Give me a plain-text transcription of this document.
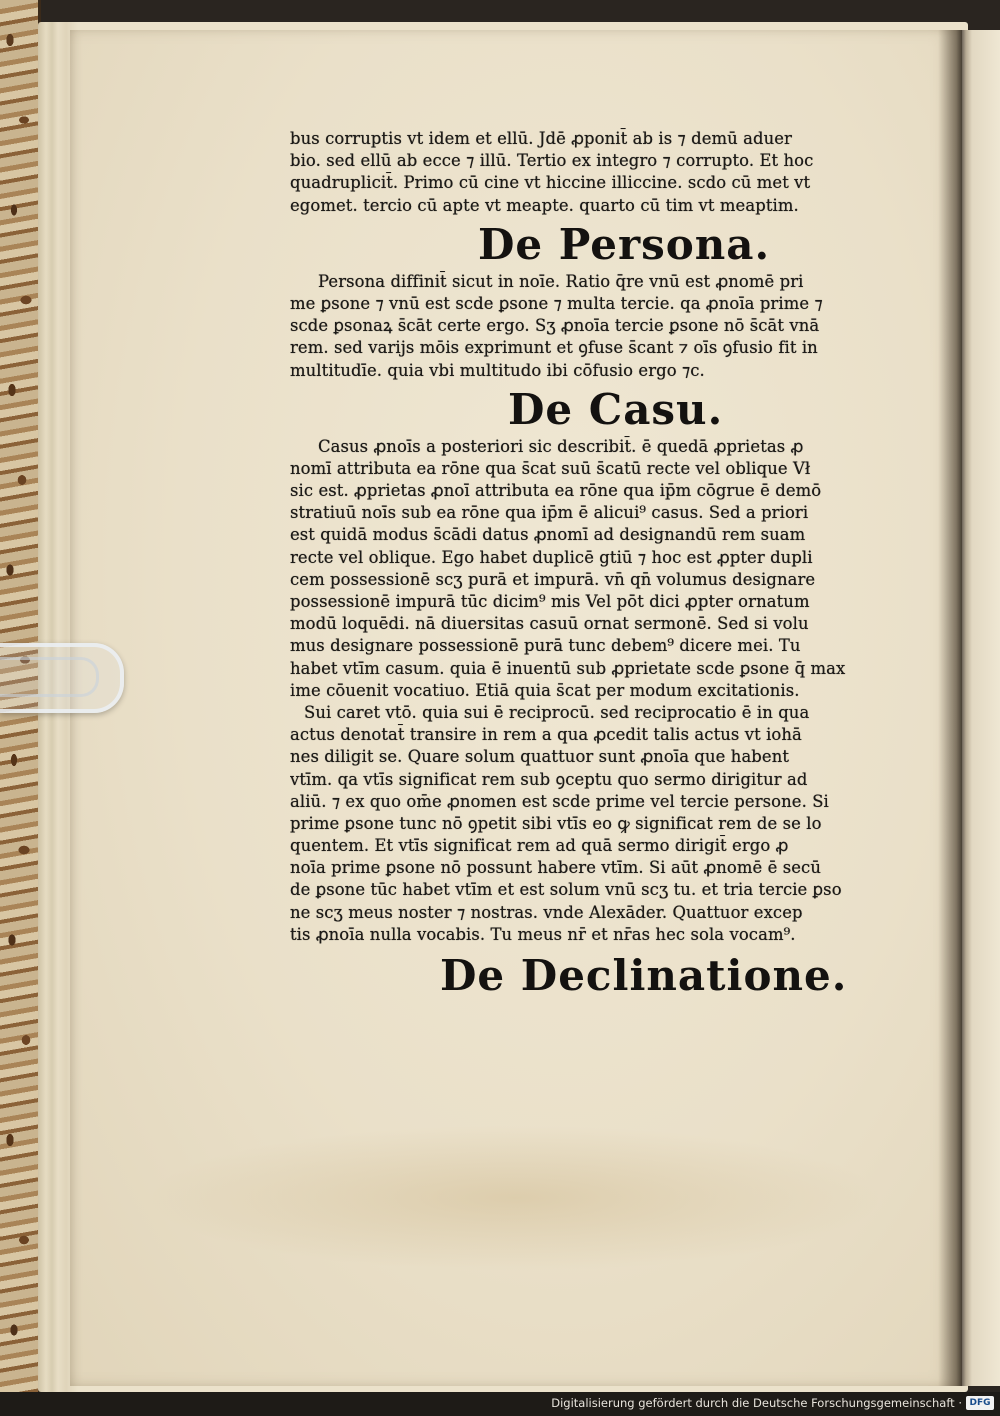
bus corruptis vt idem et ellū. Jdē ꝓponit̄ ab is ⁊ demū aduer
bio. sed ellū ab ecce ⁊ illū. Tertio ex integro ⁊ corrupto. Et hoc
quadruplicit̄. Primo cū cine vt hiccine illiccine. scdo cū met vt
egomet. tercio cū apte vt meapte. quarto cū tim vt meaptim.
De Persona.
Persona diffinit̄ sicut in noīe. Ratio q̄re vnū est ꝓnomē pri
me ꝑsone ⁊ vnū est scde ꝑsone ⁊ multa tercie. qa ꝓnoīa prime ⁊
scde ꝑsonaꝝ s̄cāt certe ergo. Sʒ ꝓnoīa tercie ꝑsone nō s̄cāt vnā
rem. sed varijs mōis exprimunt et ꝯfuse s̄cant ⁊ oīs ꝯfusio fit in
multitudīe. quia vbi multitudo ibi cōfusio ergo ⁊c.
De Casu.
Casus ꝓnoīs a posteriori sic describit̄. ē quedā ꝓprietas ꝓ
nomī attributa ea rōne qua s̄cat suū s̄catū recte vel oblique Vł
sic est. ꝓprietas ꝓnoī attributa ea rōne qua ip̄m cōgrue ē demō
stratiuū noīs sub ea rōne qua ip̄m ē alicui⁹ casus. Sed a priori
est quidā modus s̄cādi datus ꝓnomī ad designandū rem suam
recte vel oblique. Ego habet duplicē gtiū ⁊ hoc est ꝓpter dupli
cem possessionē scʒ purā et impurā. vn̄ qn̄ volumus designare
possessionē impurā tūc dicim⁹ mis Vel pōt dici ꝓpter ornatum
modū loquēdi. nā diuersitas casuū ornat sermonē. Sed si volu
mus designare possessionē purā tunc debem⁹ dicere mei. Tu
habet vtīm casum. quia ē inuentū sub ꝓprietate scde ꝑsone q̄ max
ime cōuenit vocatiuo. Etiā quia s̄cat per modum excitationis.
Sui caret vtō. quia sui ē reciprocū. sed reciprocatio ē in qua
actus denotat̄ transire in rem a qua ꝓcedit talis actus vt iohā
nes diligit se. Quare solum quattuor sunt ꝓnoīa que habent
vtīm. qa vtīs significat rem sub ꝯceptu quo sermo dirigitur ad
aliū. ⁊ ex quo om̄e ꝓnomen est scde prime vel tercie persone. Si
prime ꝑsone tunc nō ꝯpetit sibi vtīs eo ꝙ significat rem de se lo
quentem. Et vtīs significat rem ad quā sermo dirigit̄ ergo ꝓ
noīa prime ꝑsone nō possunt habere vtīm. Si aūt ꝓnomē ē secū
de ꝑsone tūc habet vtīm et est solum vnū scʒ tu. et tria tercie ꝑso
ne scʒ meus noster ⁊ nostras. vnde Alexāder. Quattuor excep
tis ꝓnoīa nulla vocabis. Tu meus nr̄ et nr̄as hec sola vocam⁹.
De Declinatione.
Digitalisierung gefördert durch die Deutsche Forschungsgemeinschaft · DFG
